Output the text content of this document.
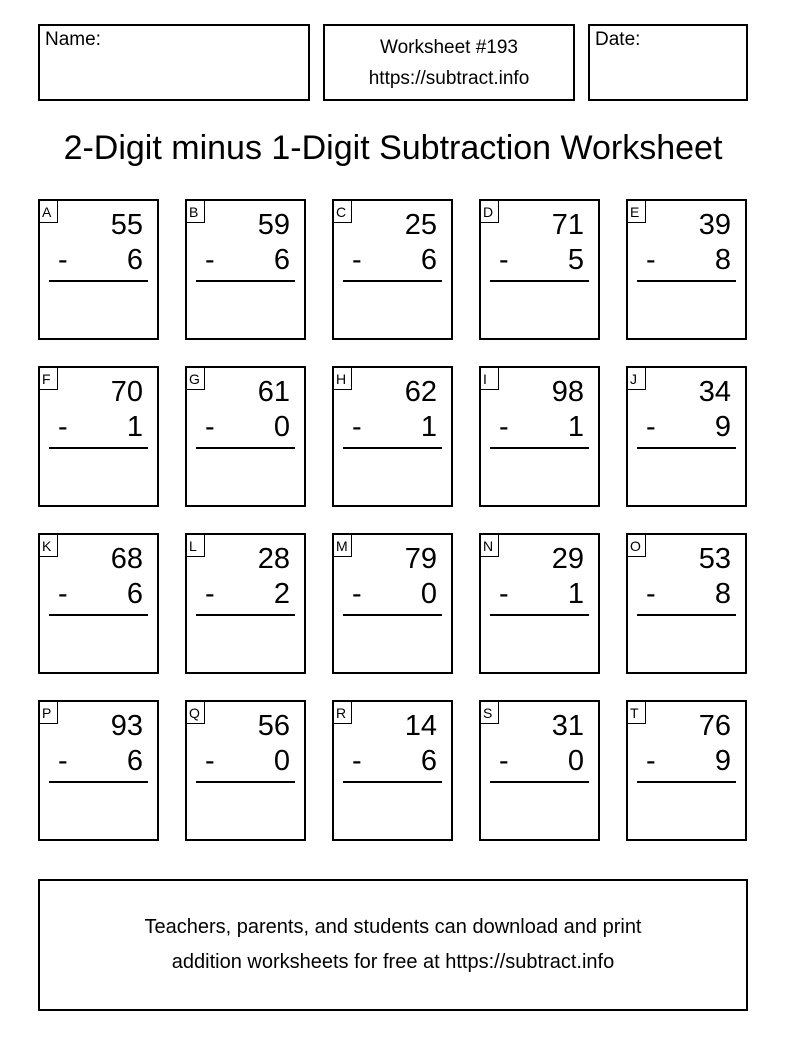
Name:	Worksheet #193
https://subtract.info
Date:
2-Digit minus 1-Digit Subtraction Worksheet
A 55
- 6
B 59
- 6
C 25
- 6
D 71
- 5
E 39
- 8
F 70
- 1
G 61
- 0
H 62
- 1
I	98
- 1
J	34
- 9
K 68
- 6
L 28
- 2
M 79
- 0
N 29
- 1
O 53
- 8
P 93
- 6
Q 56
- 0
R 14
- 6
S 31
- 0
T 76
- 9
Teachers, parents, and students can download and print
addition worksheets for free at https://subtract.info
